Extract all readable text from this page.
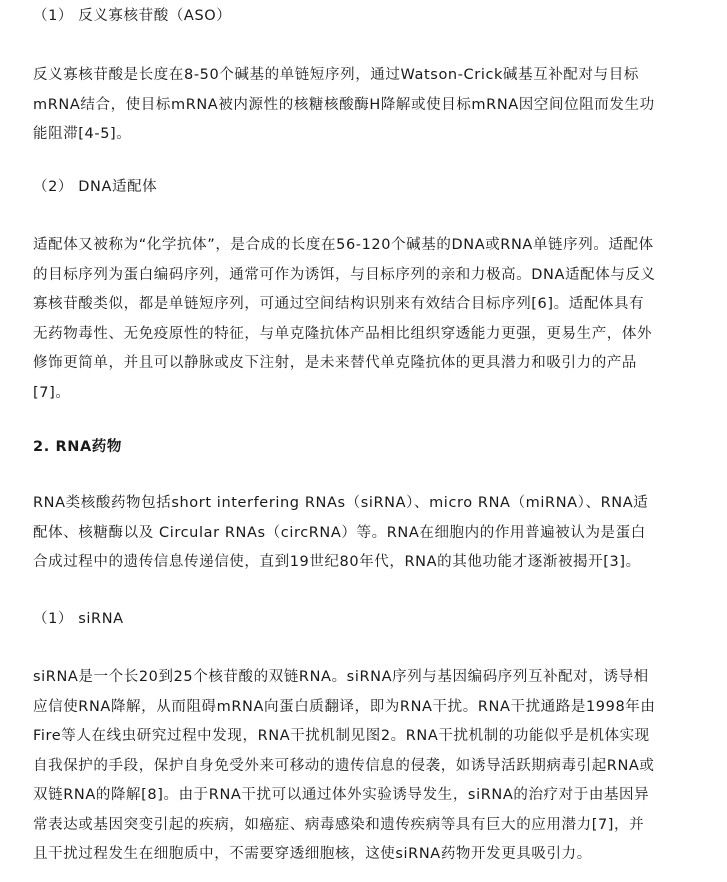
（1） 反义寡核苷酸（ASO）

反义寡核苷酸是长度在8-50个碱基的单链短序列，通过Watson-Crick碱基互补配对与目标
mRNA结合，使目标mRNA被内源性的核糖核酸酶H降解或使目标mRNA因空间位阻而发生功
能阻滞[4-5]。

（2） DNA适配体

适配体又被称为“化学抗体”，是合成的长度在56-120个碱基的DNA或RNA单链序列。适配体
的目标序列为蛋白编码序列，通常可作为诱饵，与目标序列的亲和力极高。DNA适配体与反义
寡核苷酸类似，都是单链短序列，可通过空间结构识别来有效结合目标序列[6]。适配体具有
无药物毒性、无免疫原性的特征，与单克隆抗体产品相比组织穿透能力更强，更易生产，体外
修饰更简单，并且可以静脉或皮下注射，是未来替代单克隆抗体的更具潜力和吸引力的产品
[7]。

2. RNA药物

RNA类核酸药物包括short interfering RNAs（siRNA）、micro RNA（miRNA）、RNA适
配体、核糖酶以及 Circular RNAs（circRNA）等。RNA在细胞内的作用普遍被认为是蛋白
合成过程中的遗传信息传递信使，直到19世纪80年代，RNA的其他功能才逐渐被揭开[3]。

（1） siRNA

siRNA是一个长20到25个核苷酸的双链RNA。siRNA序列与基因编码序列互补配对，诱导相
应信使RNA降解，从而阻碍mRNA向蛋白质翻译，即为RNA干扰。RNA干扰通路是1998年由
Fire等人在线虫研究过程中发现，RNA干扰机制见图2。RNA干扰机制的功能似乎是机体实现
自我保护的手段，保护自身免受外来可移动的遗传信息的侵袭，如诱导活跃期病毒引起RNA或
双链RNA的降解[8]。由于RNA干扰可以通过体外实验诱导发生，siRNA的治疗对于由基因异
常表达或基因突变引起的疾病，如癌症、病毒感染和遗传疾病等具有巨大的应用潜力[7]，并
且干扰过程发生在细胞质中，不需要穿透细胞核，这使siRNA药物开发更具吸引力。
